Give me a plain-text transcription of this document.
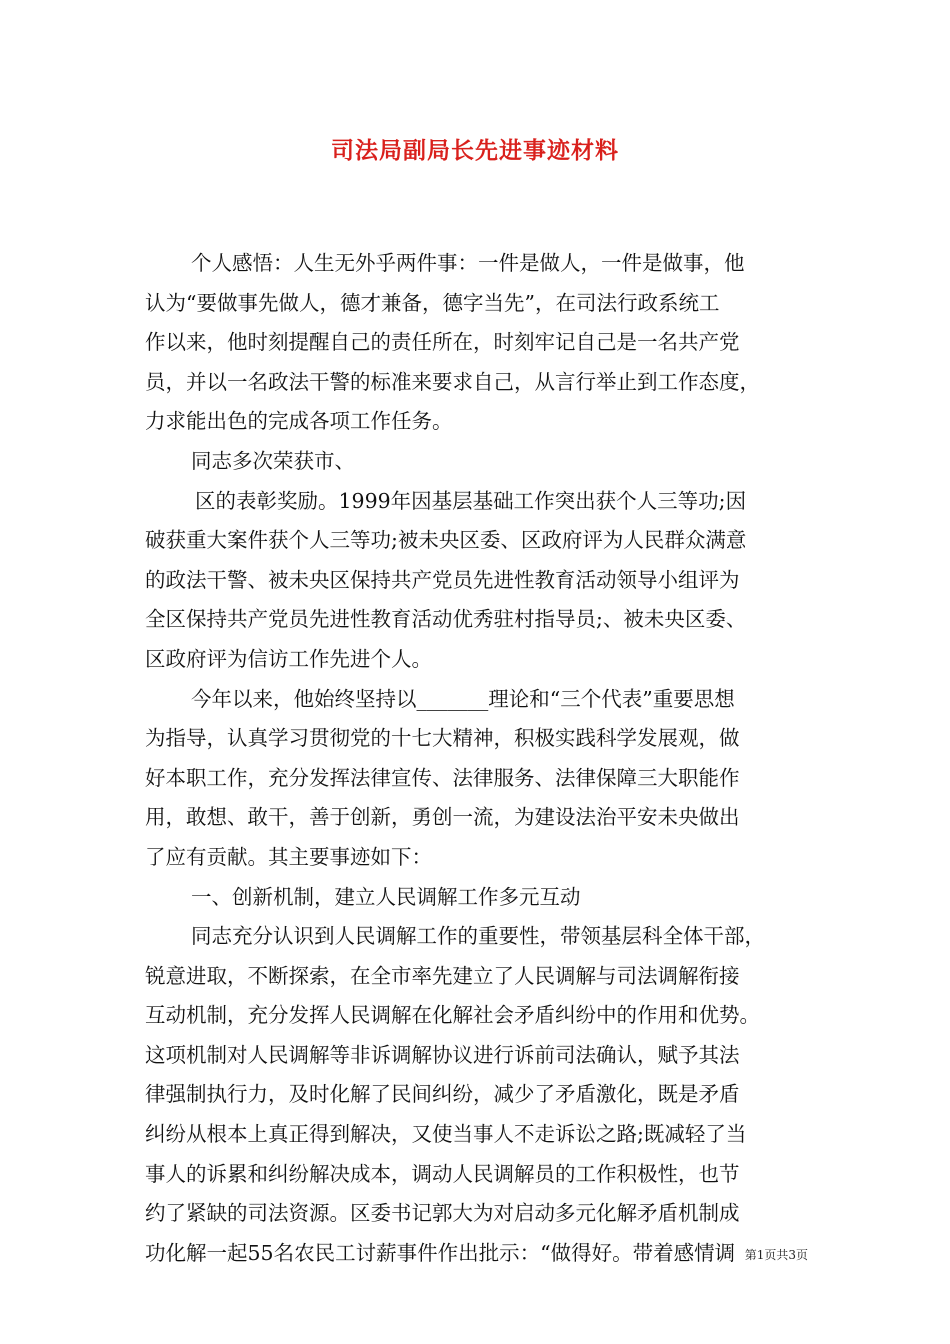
司法局副局长先进事迹材料
个人感悟：人生无外乎两件事：一件是做人，一件是做事，他
认为“要做事先做人，德才兼备，德字当先”，在司法行政系统工
作以来，他时刻提醒自己的责任所在，时刻牢记自己是一名共产党
员，并以一名政法干警的标准来要求自己，从言行举止到工作态度，
力求能出色的完成各项工作任务。
同志多次荣获市、
区的表彰奖励。1999年因基层基础工作突出获个人三等功;因
破获重大案件获个人三等功;被未央区委、区政府评为人民群众满意
的政法干警、被未央区保持共产党员先进性教育活动领导小组评为
全区保持共产党员先进性教育活动优秀驻村指导员;、被未央区委、
区政府评为信访工作先进个人。
今年以来，他始终坚持以_______理论和“三个代表”重要思想
为指导，认真学习贯彻党的十七大精神，积极实践科学发展观，做
好本职工作，充分发挥法律宣传、法律服务、法律保障三大职能作
用，敢想、敢干，善于创新，勇创一流，为建设法治平安未央做出
了应有贡献。其主要事迹如下：
一、创新机制，建立人民调解工作多元互动
同志充分认识到人民调解工作的重要性，带领基层科全体干部，
锐意进取，不断探索，在全市率先建立了人民调解与司法调解衔接
互动机制，充分发挥人民调解在化解社会矛盾纠纷中的作用和优势。
这项机制对人民调解等非诉调解协议进行诉前司法确认，赋予其法
律强制执行力，及时化解了民间纠纷，减少了矛盾激化，既是矛盾
纠纷从根本上真正得到解决，又使当事人不走诉讼之路;既减轻了当
事人的诉累和纠纷解决成本，调动人民调解员的工作积极性，也节
约了紧缺的司法资源。区委书记郭大为对启动多元化解矛盾机制成
功化解一起55名农民工讨薪事件作出批示：“做得好。带着感情调 第1页共3页
